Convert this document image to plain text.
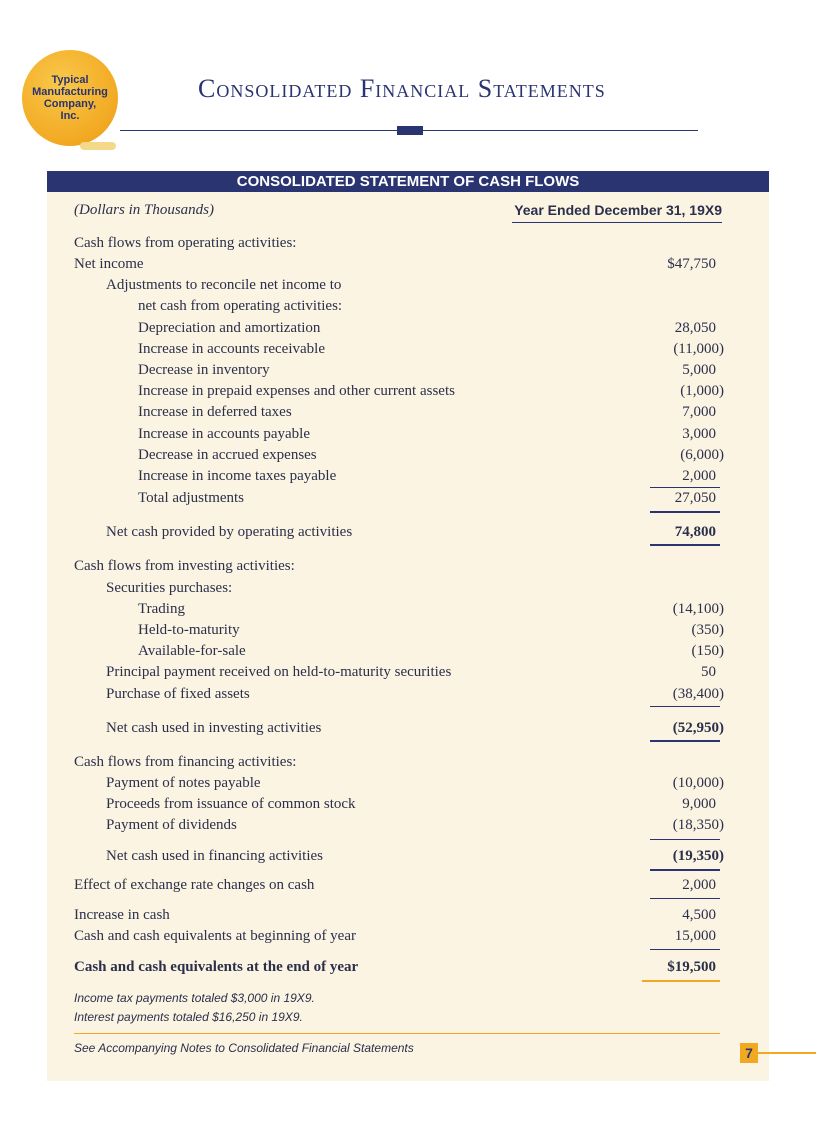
Typical
Manufacturing
Company,
Inc.
Consolidated Financial Statements
CONSOLIDATED STATEMENT OF CASH FLOWS
(Dollars in Thousands)	Year Ended December 31, 19X9
Cash flows from operating activities:
Net income	$47,750
Adjustments to reconcile net income to
net cash from operating activities:
Depreciation and amortization	28,050
Increase in accounts receivable	(11,000)
Decrease in inventory	5,000
Increase in prepaid expenses and other current assets	(1,000)
Increase in deferred taxes	7,000
Increase in accounts payable	3,000
Decrease in accrued expenses	(6,000)
Increase in income taxes payable	2,000
Total adjustments	27,050
Net cash provided by operating activities	74,800
Cash flows from investing activities:
Securities purchases:
Trading	(14,100)
Held-to-maturity	(350)
Available-for-sale	(150)
Principal payment received on held-to-maturity securities	50
Purchase of fixed assets	(38,400)
Net cash used in investing activities	(52,950)
Cash flows from financing activities:
Payment of notes payable	(10,000)
Proceeds from issuance of common stock	9,000
Payment of dividends	(18,350)
Net cash used in financing activities	(19,350)
Effect of exchange rate changes on cash	2,000
Increase in cash	4,500
Cash and cash equivalents at beginning of year	15,000
Cash and cash equivalents at the end of year	$19,500
Income tax payments totaled $3,000 in 19X9.
Interest payments totaled $16,250 in 19X9.
See Accompanying Notes to Consolidated Financial Statements	7
